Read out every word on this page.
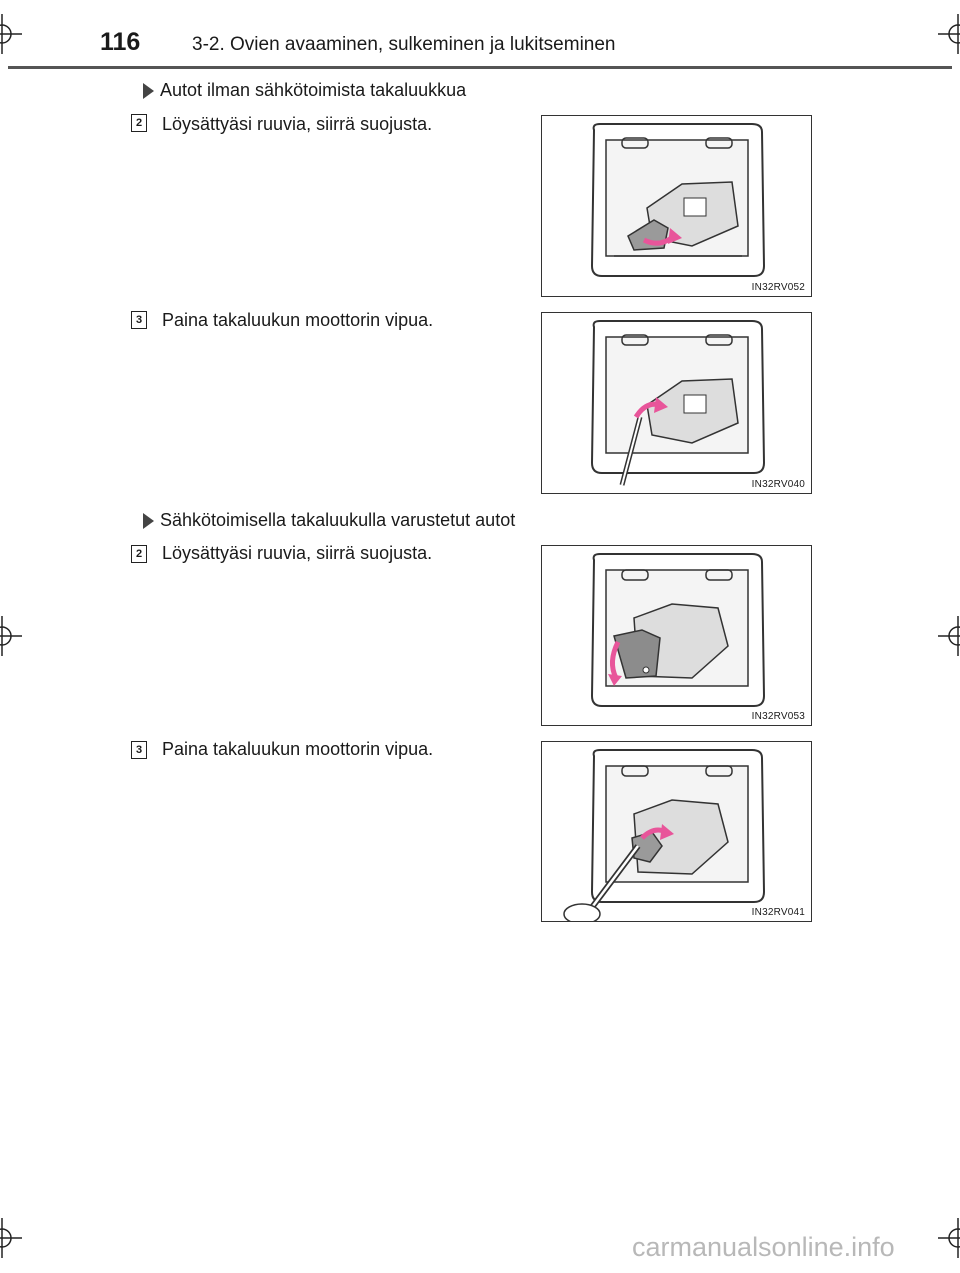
116	3-2. Ovien avaaminen, sulkeminen ja lukitseminen
Autot ilman sähkötoimista takaluukkua
2 Löysättyäsi ruuvia, siirrä suojusta.
IN32RV052
3 Paina takaluukun moottorin vipua.
IN32RV040
Sähkötoimisella takaluukulla varustetut autot
2 Löysättyäsi ruuvia, siirrä suojusta.
IN32RV053
3 Paina takaluukun moottorin vipua.
IN32RV041
carmanualsonline.info
